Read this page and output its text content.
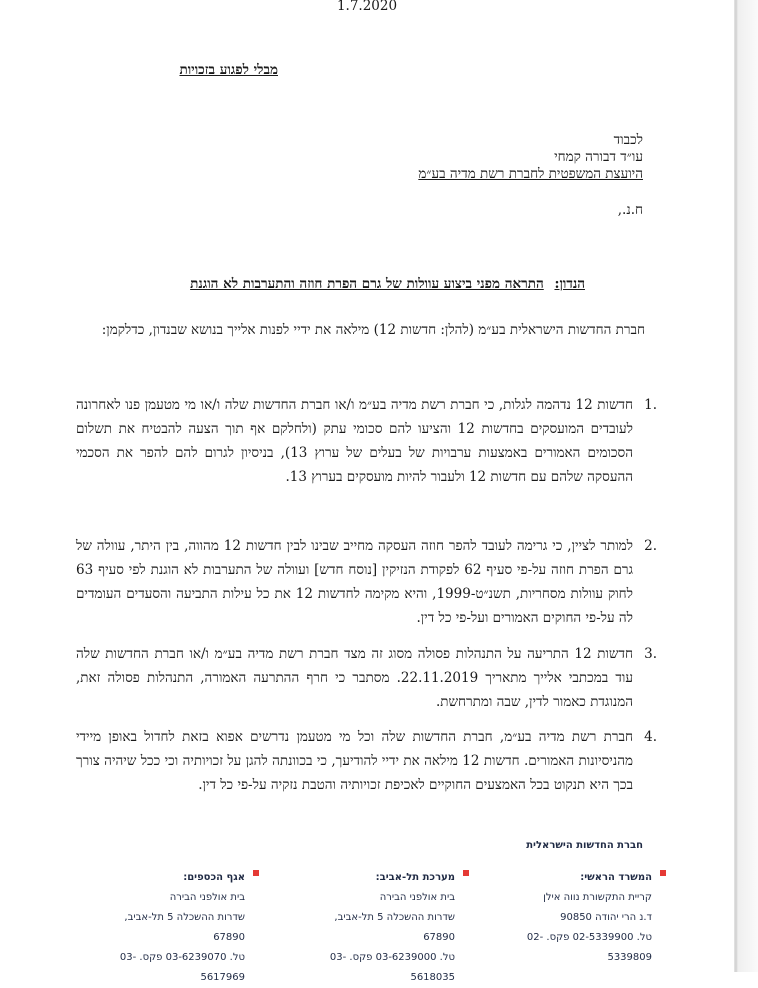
1.7.2020
מבלי לפגוע בזכויות
לכבוד
עו״ד דבורה קמחי
היועצת המשפטית לחברת רשת מדיה בע״מ
ח.נ.,
הנדון: התראה מפני ביצוע עוולות של גרם הפרת חוזה והתערבות לא הוגנת
חברת החדשות הישראלית בע״מ (להלן: חדשות 12) מילאה את ידיי לפנות אלייך בנושא שבנדון, כדלקמן:
.1
חדשות 12 נדהמה לגלות, כי חברת רשת מדיה בע״מ ו/או חברת החדשות שלה ו/או מי מטעמן פנו לאחרונה לעובדים המועסקים בחדשות 12 והציעו להם סכומי עתק (ולחלקם אף תוך הצעה להבטיח את תשלום הסכומים האמורים באמצעות ערבויות של בעלים של ערוץ 13), בניסיון לגרום להם להפר את הסכמי ההעסקה שלהם עם חדשות 12 ולעבור להיות מועסקים בערוץ 13.
.2
למותר לציין, כי גרימה לעובד להפר חוזה העסקה מחייב שבינו לבין חדשות 12 מהווה, בין היתר, עוולה של גרם הפרת חוזה על-פי סעיף 62 לפקודת הנזיקין [נוסח חדש] ועוולה של התערבות לא הוגנת לפי סעיף 63 לחוק עוולות מסחריות, תשנ״ט-1999, והיא מקימה לחדשות 12 את כל עילות התביעה והסעדים העומדים לה על-פי החוקים האמורים ועל-פי כל דין.
.3
חדשות 12 התריעה על התנהלות פסולה מסוג זה מצד חברת רשת מדיה בע״מ ו/או חברת החדשות שלה עוד במכתבי אלייך מתאריך 22.11.2019. מסתבר כי חרף ההתרעה האמורה, התנהלות פסולה זאת, המנוגדת כאמור לדין, שבה ומתרחשת.
.4
חברת רשת מדיה בע״מ, חברת החדשות שלה וכל מי מטעמן נדרשים אפוא בזאת לחדול באופן מיידי מהניסיונות האמורים. חדשות 12 מילאה את ידיי להודיעך, כי בכוונתה להגן על זכויותיה וכי ככל שיהיה צורך בכך היא תנקוט בכל האמצעים החוקיים לאכיפת זכויותיה והטבת נזקיה על-פי כל דין.
חברת החדשות הישראלית
המשרד הראשי:
קריית התקשורת נווה אילן
ד.נ הרי יהודה 90850
טל. 02-5339900 פקס. 02-5339809
מערכת תל-אביב:
בית אולפני הבירה
שדרות ההשכלה 5 תל-אביב, 67890
טל. 03-6239000 פקס. 03-5618035
אגף הכספים:
בית אולפני הבירה
שדרות ההשכלה 5 תל-אביב, 67890
טל. 03-6239070 פקס. 03-5617969
